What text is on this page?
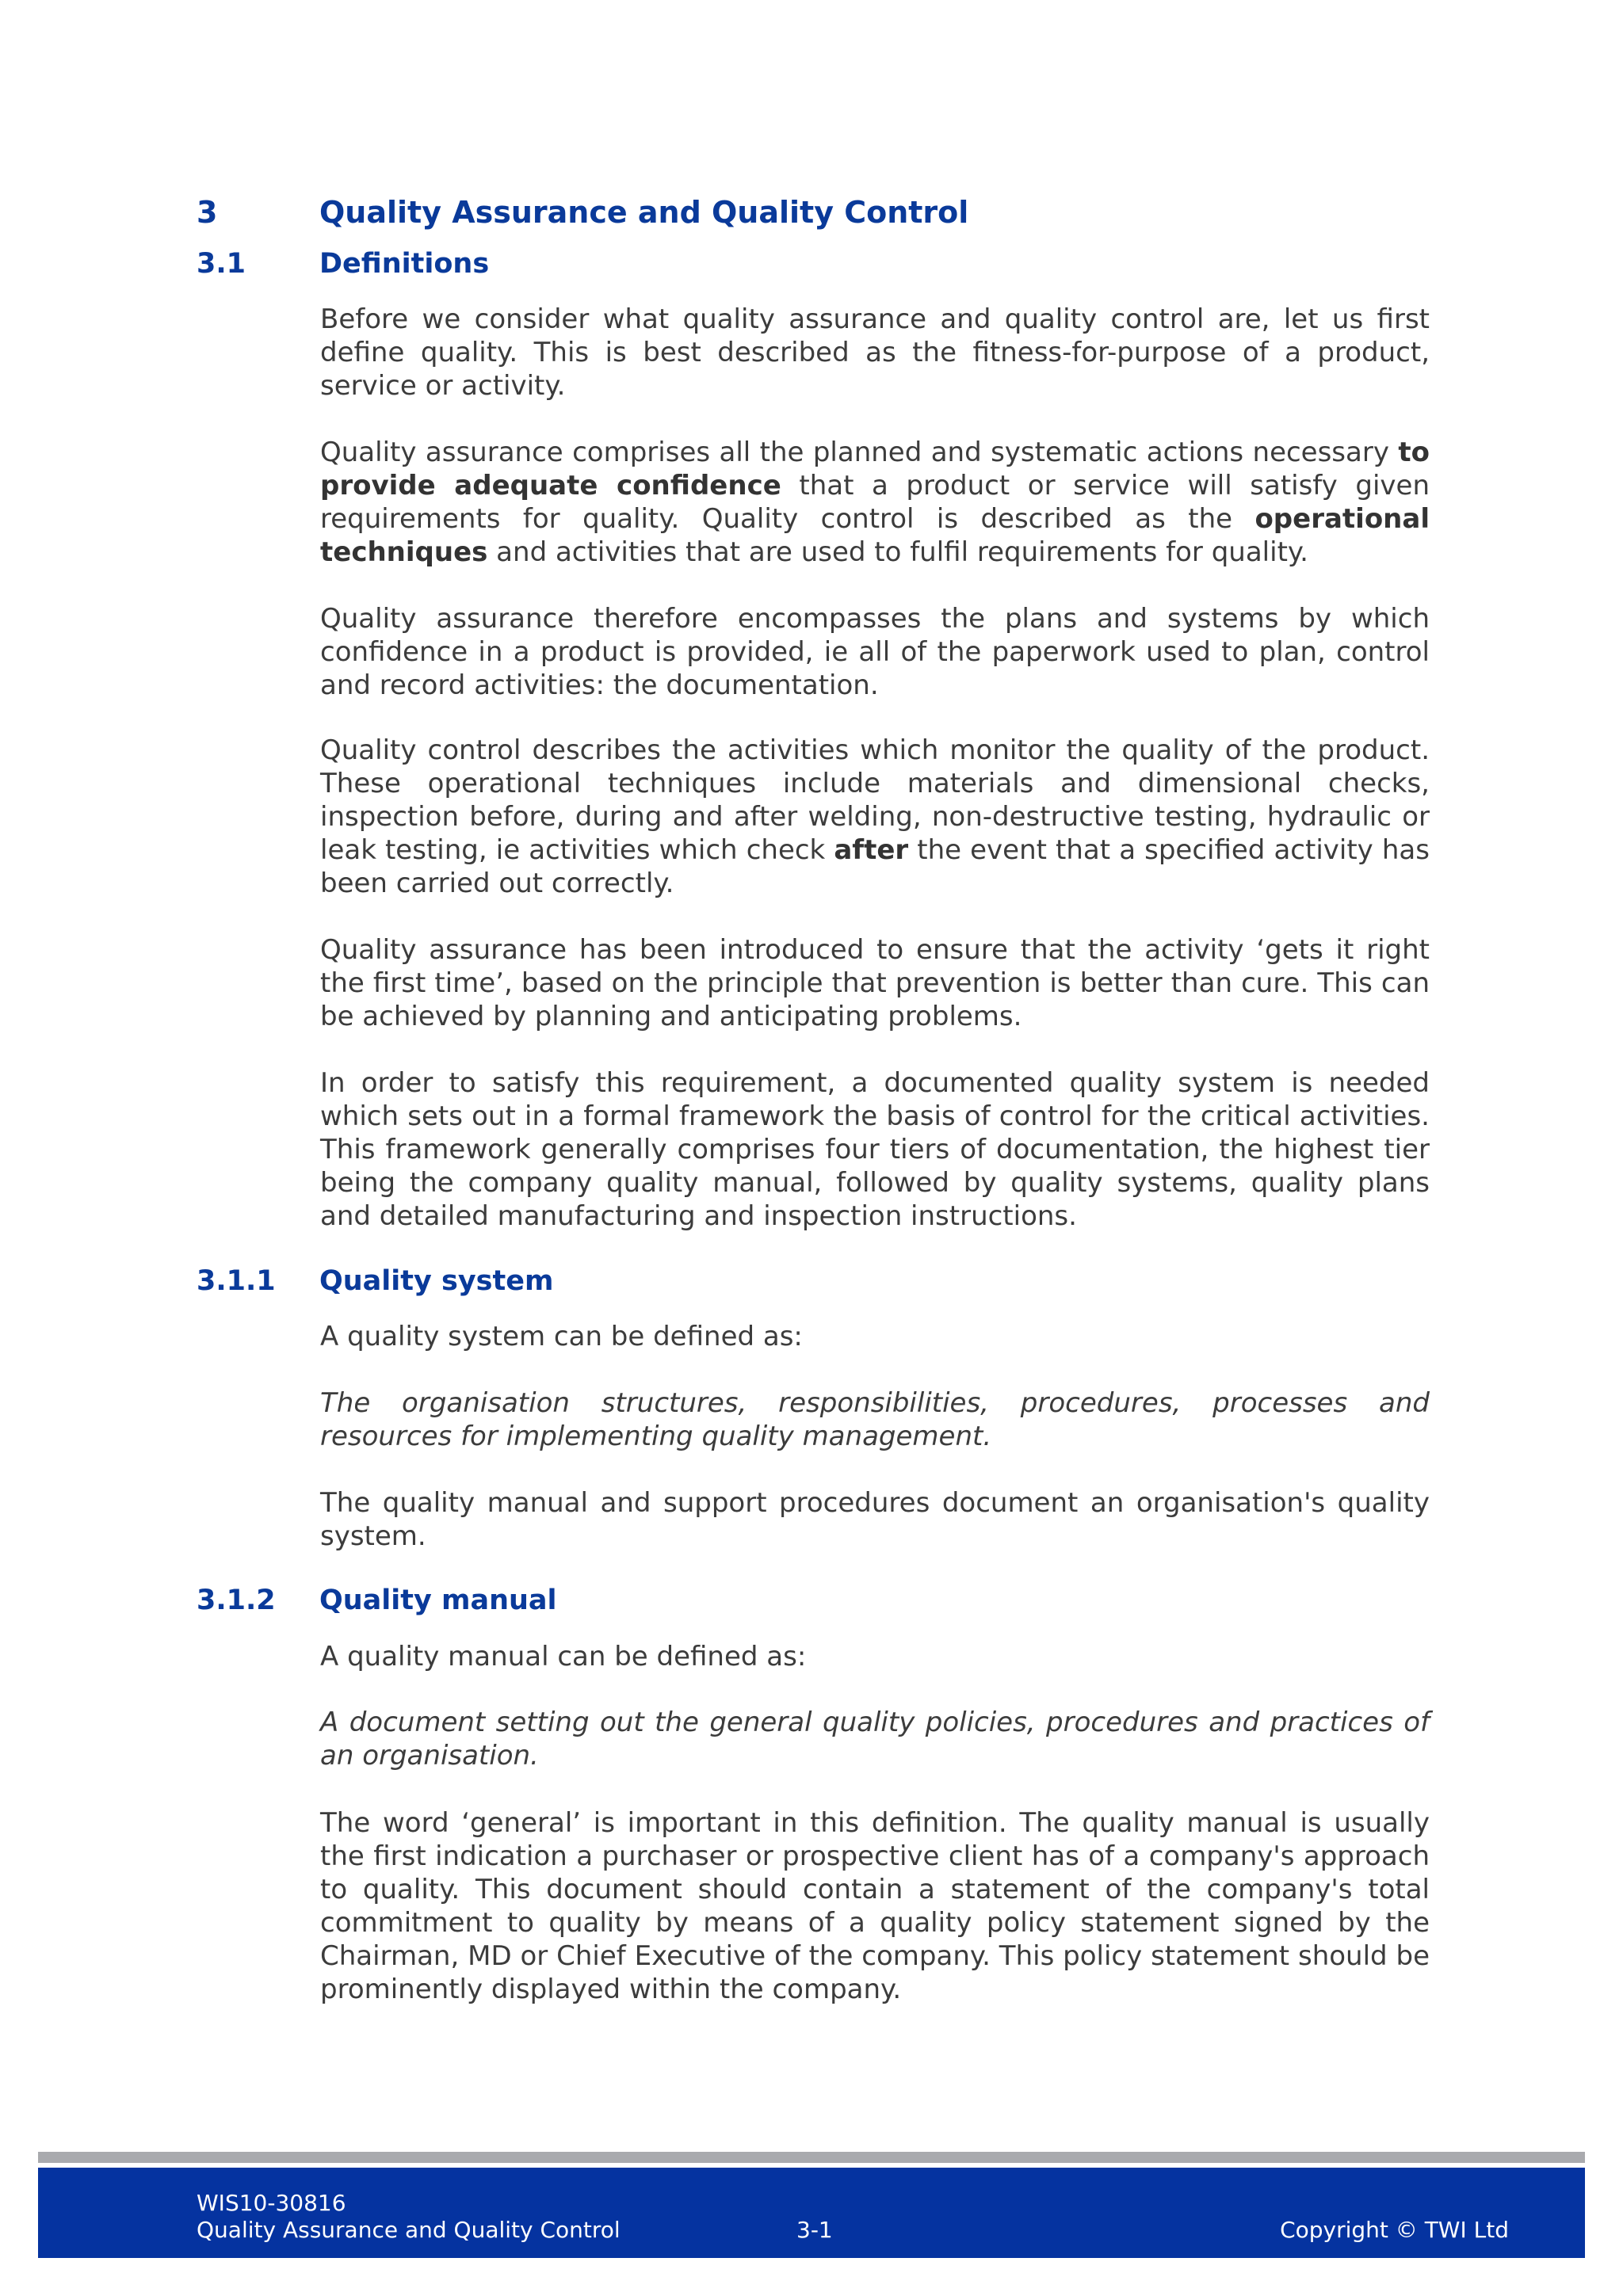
3	Quality Assurance and Quality Control
3.1	Definitions

Before we consider what quality assurance and quality control are, let us first define quality. This is best described as the fitness-for-purpose of a product, service or activity.

Quality assurance comprises all the planned and systematic actions necessary to provide adequate confidence that a product or service will satisfy given requirements for quality. Quality control is described as the operational techniques and activities that are used to fulfil requirements for quality.

Quality assurance therefore encompasses the plans and systems by which confidence in a product is provided, ie all of the paperwork used to plan, control and record activities: the documentation.

Quality control describes the activities which monitor the quality of the product. These operational techniques include materials and dimensional checks, inspection before, during and after welding, non-destructive testing, hydraulic or leak testing, ie activities which check after the event that a specified activity has been carried out correctly.

Quality assurance has been introduced to ensure that the activity ‘gets it right the first time’, based on the principle that prevention is better than cure. This can be achieved by planning and anticipating problems.

In order to satisfy this requirement, a documented quality system is needed which sets out in a formal framework the basis of control for the critical activities. This framework generally comprises four tiers of documentation, the highest tier being the company quality manual, followed by quality systems, quality plans and detailed manufacturing and inspection instructions.

3.1.1 Quality system

A quality system can be defined as:

The organisation structures, responsibilities, procedures, processes and resources for implementing quality management.

The quality manual and support procedures document an organisation's quality system.

3.1.2 Quality manual

A quality manual can be defined as:

A document setting out the general quality policies, procedures and practices of an organisation.

The word ‘general’ is important in this definition. The quality manual is usually the first indication a purchaser or prospective client has of a company's approach to quality. This document should contain a statement of the company's total commitment to quality by means of a quality policy statement signed by the Chairman, MD or Chief Executive of the company. This policy statement should be prominently displayed within the company.

WIS10-30816
Quality Assurance and Quality Control	3-1	Copyright © TWI Ltd
